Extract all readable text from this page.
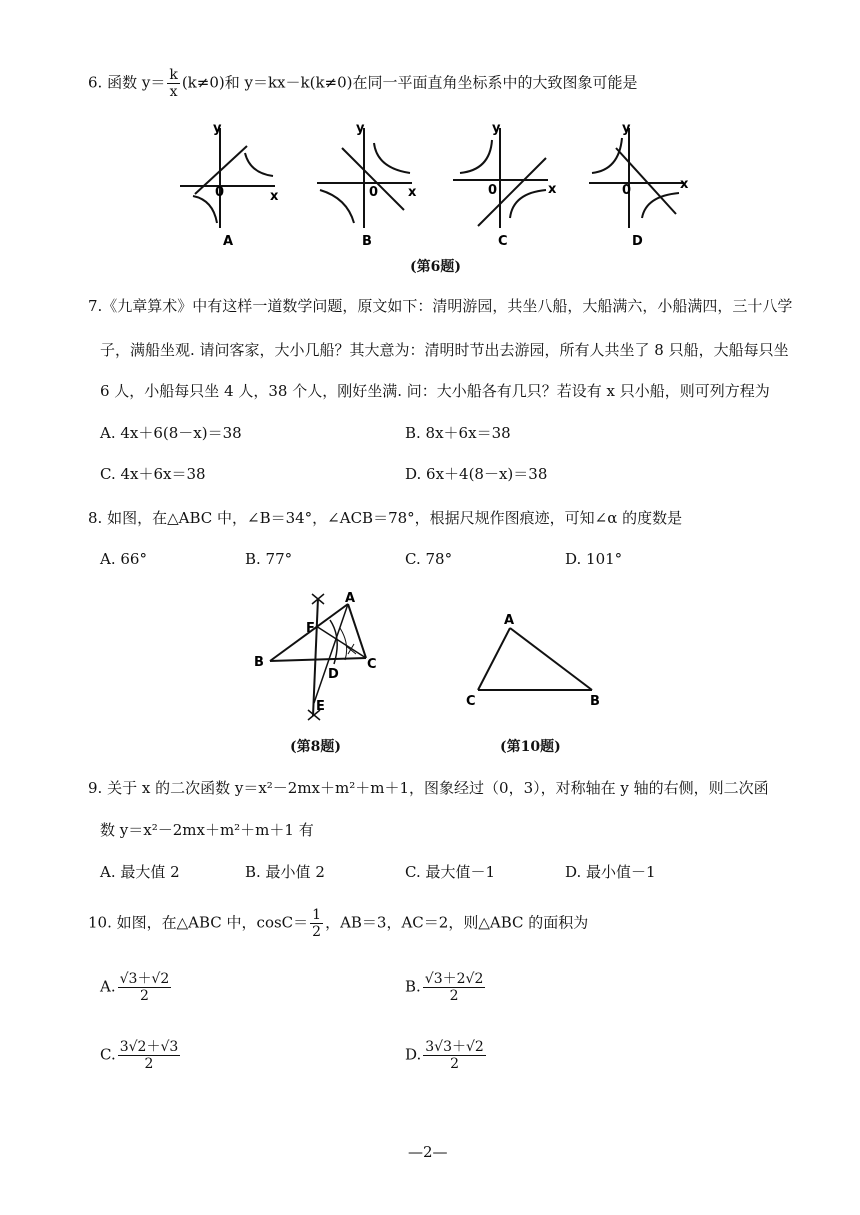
6. 函数 $y= \frac{k}{x} (k\ne 0)$和 y＝kx－k(k≠0)在同一平面直角坐标系中的大致图象可能是
y
x
0
A
y
x
0
B
y
x
0
C
y
x
0
D
(第6题)
7.《九章算术》中有这样一道数学问题，原文如下：清明游园，共坐八船，大船满六，小船满四，三十八学
子，满船坐观. 请问客家，大小几船？其大意为：清明时节出去游园，所有人共坐了 8 只船，大船每只坐
6 人，小船每只坐 4 人，38 个人，刚好坐满. 问：大小船各有几只？若设有 x 只小船，则可列方程为
A. 4x＋6(8－x)＝38	B. 8x＋6x＝38
C. 4x＋6x＝38	D. 6x＋4(8－x)＝38
8. 如图，在△ABC 中，∠B＝34°，∠ACB＝78°，根据尺规作图痕迹，可知∠α 的度数是
A. 66°	B. 77°	C. 78°	D. 101°
A
B	C
D
E
F
A
C	B
(第8题)	(第10题)
9. 关于 x 的二次函数 y＝x²－2mx＋m²＋m＋1，图象经过（0，3），对称轴在 y 轴的右侧，则二次函
数 y＝x²－2mx＋m²＋m＋1 有
A. 最大值 2	B. 最小值 2	C. 最大值－1	D. 最小值－1
10. 如图，在△ABC 中，$\cos C= \frac{1}{2}$ ，AB＝3，AC＝2，则△ABC 的面积为
A. $\frac{√3+√2}{2}$	B. $\frac{√3+2√2}{2}$
C. $\frac{3√2+√3}{2}$	D. $\frac{3√3+√2}{2}$
—2—
